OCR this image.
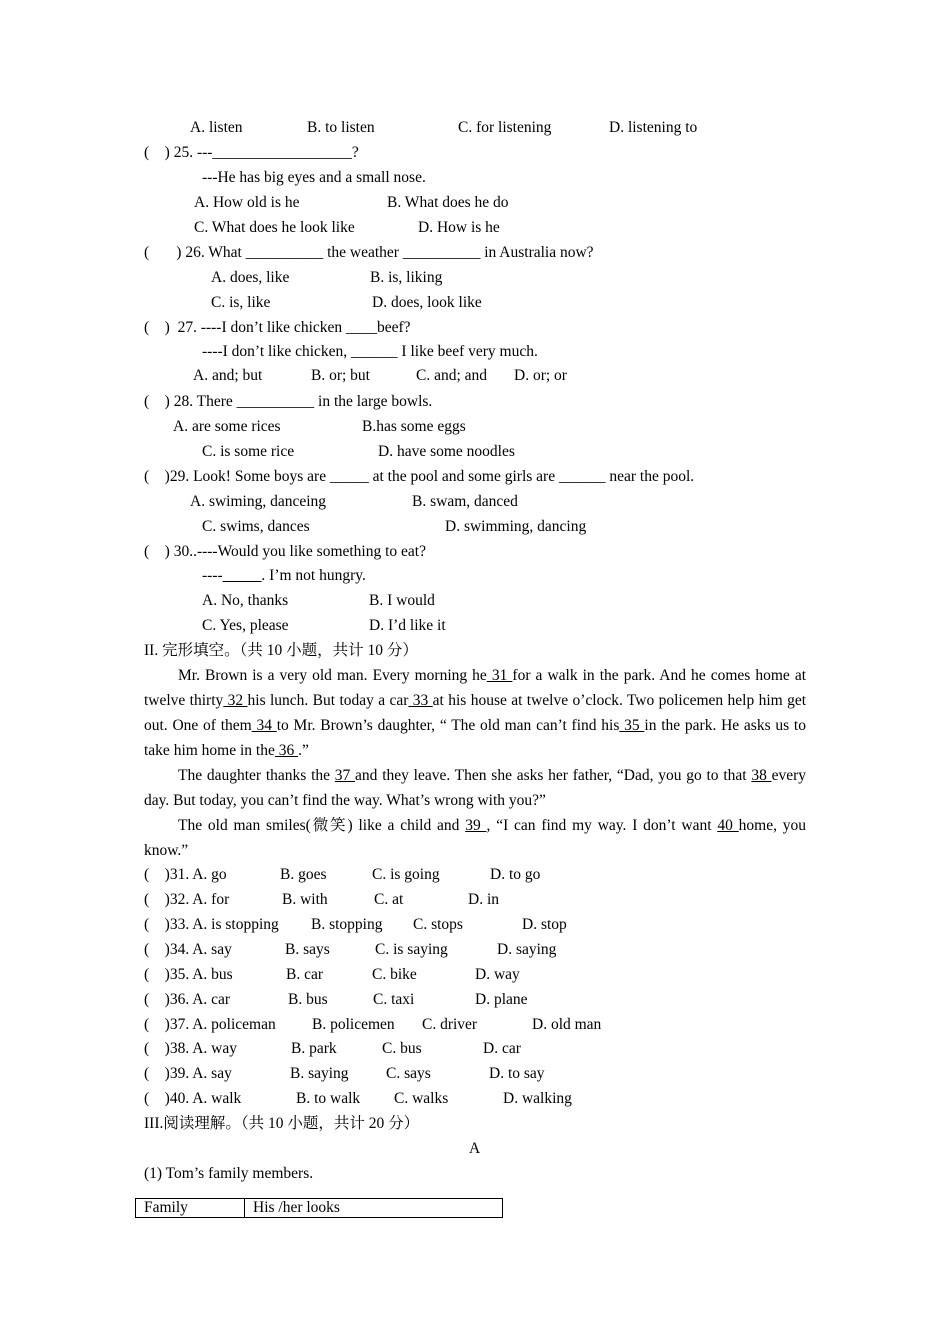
A. listen	B. to listen	C. for listening	D. listening to
(    ) 25. ---__________________?
---He has big eyes and a small nose.
A. How old is he	B. What does he do
C. What does he look like	D. How is he
(       ) 26. What __________ the weather __________ in Australia now?
A. does, like	B. is, liking
C. is, like	D. does, look like
(    )  27. ----I don’t like chicken ____beef?
----I don’t like chicken, ______ I like beef very much.
A. and; but	B. or; but	C. and; and D. or; or
(    ) 28. There __________ in the large bowls.
A. are some rices	B.has some eggs
C. is some rice	D. have some noodles
(    )29. Look! Some boys are _____ at the pool and some girls are ______ near the pool.
A. swiming, danceing	B. swam, danced
C. swims, dances	D. swimming, dancing
(    ) 30..----Would you like something to eat?
----_____. I’m not hungry.
A. No, thanks	B. I would
C. Yes, please	D. I’d like it
II. 完形填空。（共 10 小题，共计 10 分）
Mr. Brown is a very old man. Every morning he 31 for a walk in the park. And he comes home at twelve thirty 32 his lunch. But today a car 33 at his house at twelve o’clock. Two policemen help him get out. One of them 34 to Mr. Brown’s daughter, “ The old man can’t find his 35 in the park. He asks us to take him home in the 36 .”
The daughter thanks the 37 and they leave. Then she asks her father, “Dad, you go to that 38 every day. But today, you can’t find the way. What’s wrong with you?”
The old man smiles(微笑) like a child and 39 , “I can find my way. I don’t want 40 home, you know.”
(    )31. A. go	B. goes	C. is going	D. to go
(    )32. A. for	B. with	C. at	D. in
(    )33. A. is stopping B. stopping C. stops	D. stop
(    )34. A. say	B. says	C. is saying	D. saying
(    )35. A. bus	B. car	C. bike	D. way
(    )36. A. car	B. bus	C. taxi	D. plane
(    )37. A. policeman B. policemen C. driver	D. old man
(    )38. A. way	B. park	C. bus	D. car
(    )39. A. say	B. saying C. says	D. to say
(    )40. A. walk	B. to walk C. walks	D. walking
III.阅读理解。（共 10 小题，共计 20 分）
A
(1) Tom’s family members.
Family	His /her looks
